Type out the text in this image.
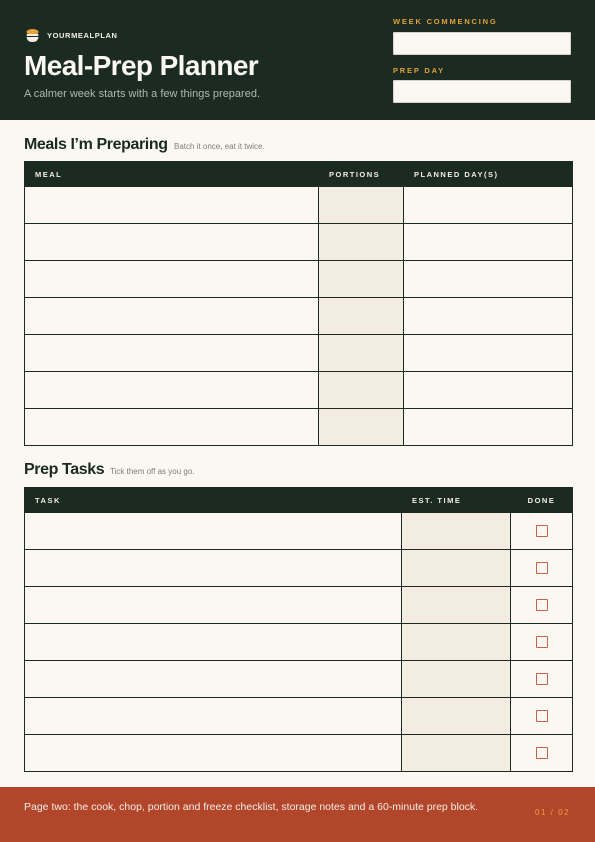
YOURMEALPLAN
Meal-Prep Planner
A calmer week starts with a few things prepared.
WEEK COMMENCING
PREP DAY
Meals I’m Preparing Batch it once, eat it twice.
MEAL	PORTIONS	PLANNED DAY(S)

Prep Tasks Tick them off as you go.
TASK	EST. TIME	DONE

Page two: the cook, chop, portion and freeze checklist, storage notes and a 60-minute prep block.	01 / 02
